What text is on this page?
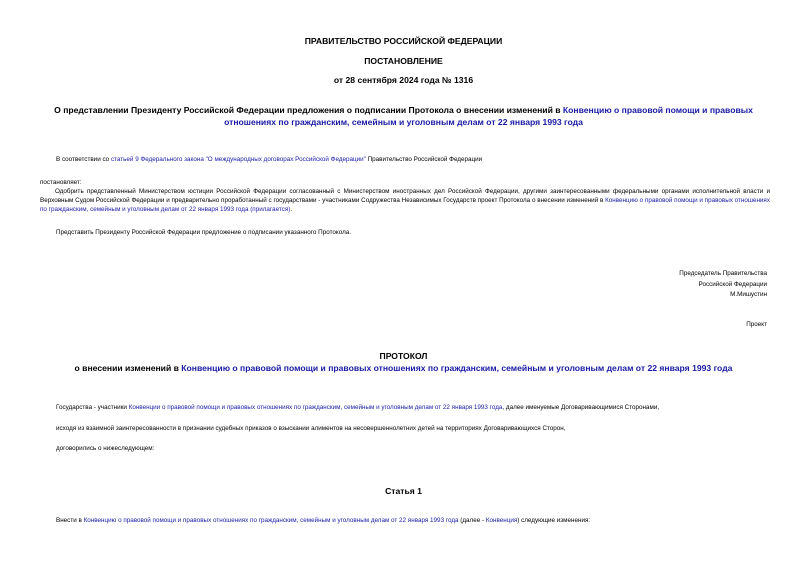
ПРАВИТЕЛЬСТВО РОССИЙСКОЙ ФЕДЕРАЦИИ
ПОСТАНОВЛЕНИЕ
от 28 сентября 2024 года № 1316
О представлении Президенту Российской Федерации предложения о подписании Протокола о внесении изменений в Конвенцию о правовой помощи и правовых отношениях по гражданским, семейным и уголовным делам от 22 января 1993 года
В соответствии со статьей 9 Федерального закона "О международных договорах Российской Федерации" Правительство Российской Федерации
постановляет:
Одобрить представленный Министерством юстиции Российской Федерации согласованный с Министерством иностранных дел Российской Федерации, другими заинтересованными федеральными органами исполнительной власти и Верховным Судом Российской Федерации и предварительно проработанный с государствами - участниками Содружества Независимых Государств проект Протокола о внесении изменений в Конвенцию о правовой помощи и правовых отношениях по гражданским, семейным и уголовным делам от 22 января 1993 года (прилагается).
Представить Президенту Российской Федерации предложение о подписании указанного Протокола.
Председатель Правительства
Российской Федерации
М.Мишустин
Проект
ПРОТОКОЛ
о внесении изменений в Конвенцию о правовой помощи и правовых отношениях по гражданским, семейным и уголовным делам от 22 января 1993 года
Государства - участники Конвенции о правовой помощи и правовых отношениях по гражданским, семейным и уголовным делам от 22 января 1993 года, далее именуемые Договаривающимися Сторонами,
исходя из взаимной заинтересованности в признании судебных приказов о взыскании алиментов на несовершеннолетних детей на территориях Договаривающихся Сторон,
договорились о нижеследующем:
Статья 1
Внести в Конвенцию о правовой помощи и правовых отношениях по гражданским, семейным и уголовным делам от 22 января 1993 года (далее - Конвенция) следующие изменения:
